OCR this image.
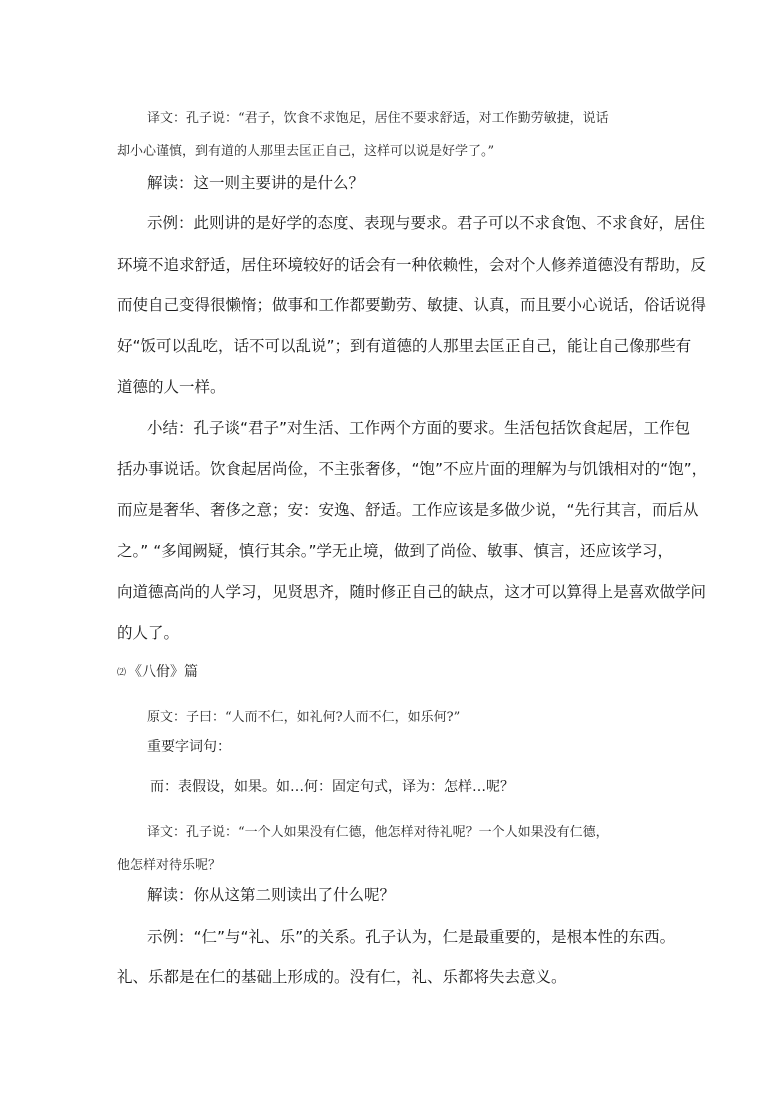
译文：孔子说：“君子，饮食不求饱足，居住不要求舒适，对工作勤劳敏捷，说话
却小心谨慎，到有道的人那里去匡正自己，这样可以说是好学了。”
解读：这一则主要讲的是什么？
示例：此则讲的是好学的态度、表现与要求。君子可以不求食饱、不求食好，居住
环境不追求舒适，居住环境较好的话会有一种依赖性，会对个人修养道德没有帮助，反
而使自己变得很懒惰；做事和工作都要勤劳、敏捷、认真，而且要小心说话，俗话说得
好“饭可以乱吃，话不可以乱说”；到有道德的人那里去匡正自己，能让自己像那些有
道德的人一样。
小结：孔子谈“君子”对生活、工作两个方面的要求。生活包括饮食起居，工作包
括办事说话。饮食起居尚俭，不主张奢侈，“饱”不应片面的理解为与饥饿相对的“饱”，
而应是奢华、奢侈之意；安：安逸、舒适。工作应该是多做少说，“先行其言，而后从
之。” “多闻阙疑，慎行其余。”学无止境，做到了尚俭、敏事、慎言，还应该学习，
向道德高尚的人学习，见贤思齐，随时修正自己的缺点，这才可以算得上是喜欢做学问
的人了。
⑵ 《八佾》篇
原文：子曰：“人而不仁，如礼何?人而不仁，如乐何?”
重要字词句：
而：表假设，如果。如…何：固定句式，译为：怎样…呢？
译文：孔子说：“一个人如果没有仁德，他怎样对待礼呢？一个人如果没有仁德，
他怎样对待乐呢？
解读：你从这第二则读出了什么呢？
示例：“仁”与“礼、乐”的关系。孔子认为，仁是最重要的，是根本性的东西。
礼、乐都是在仁的基础上形成的。没有仁，礼、乐都将失去意义。
